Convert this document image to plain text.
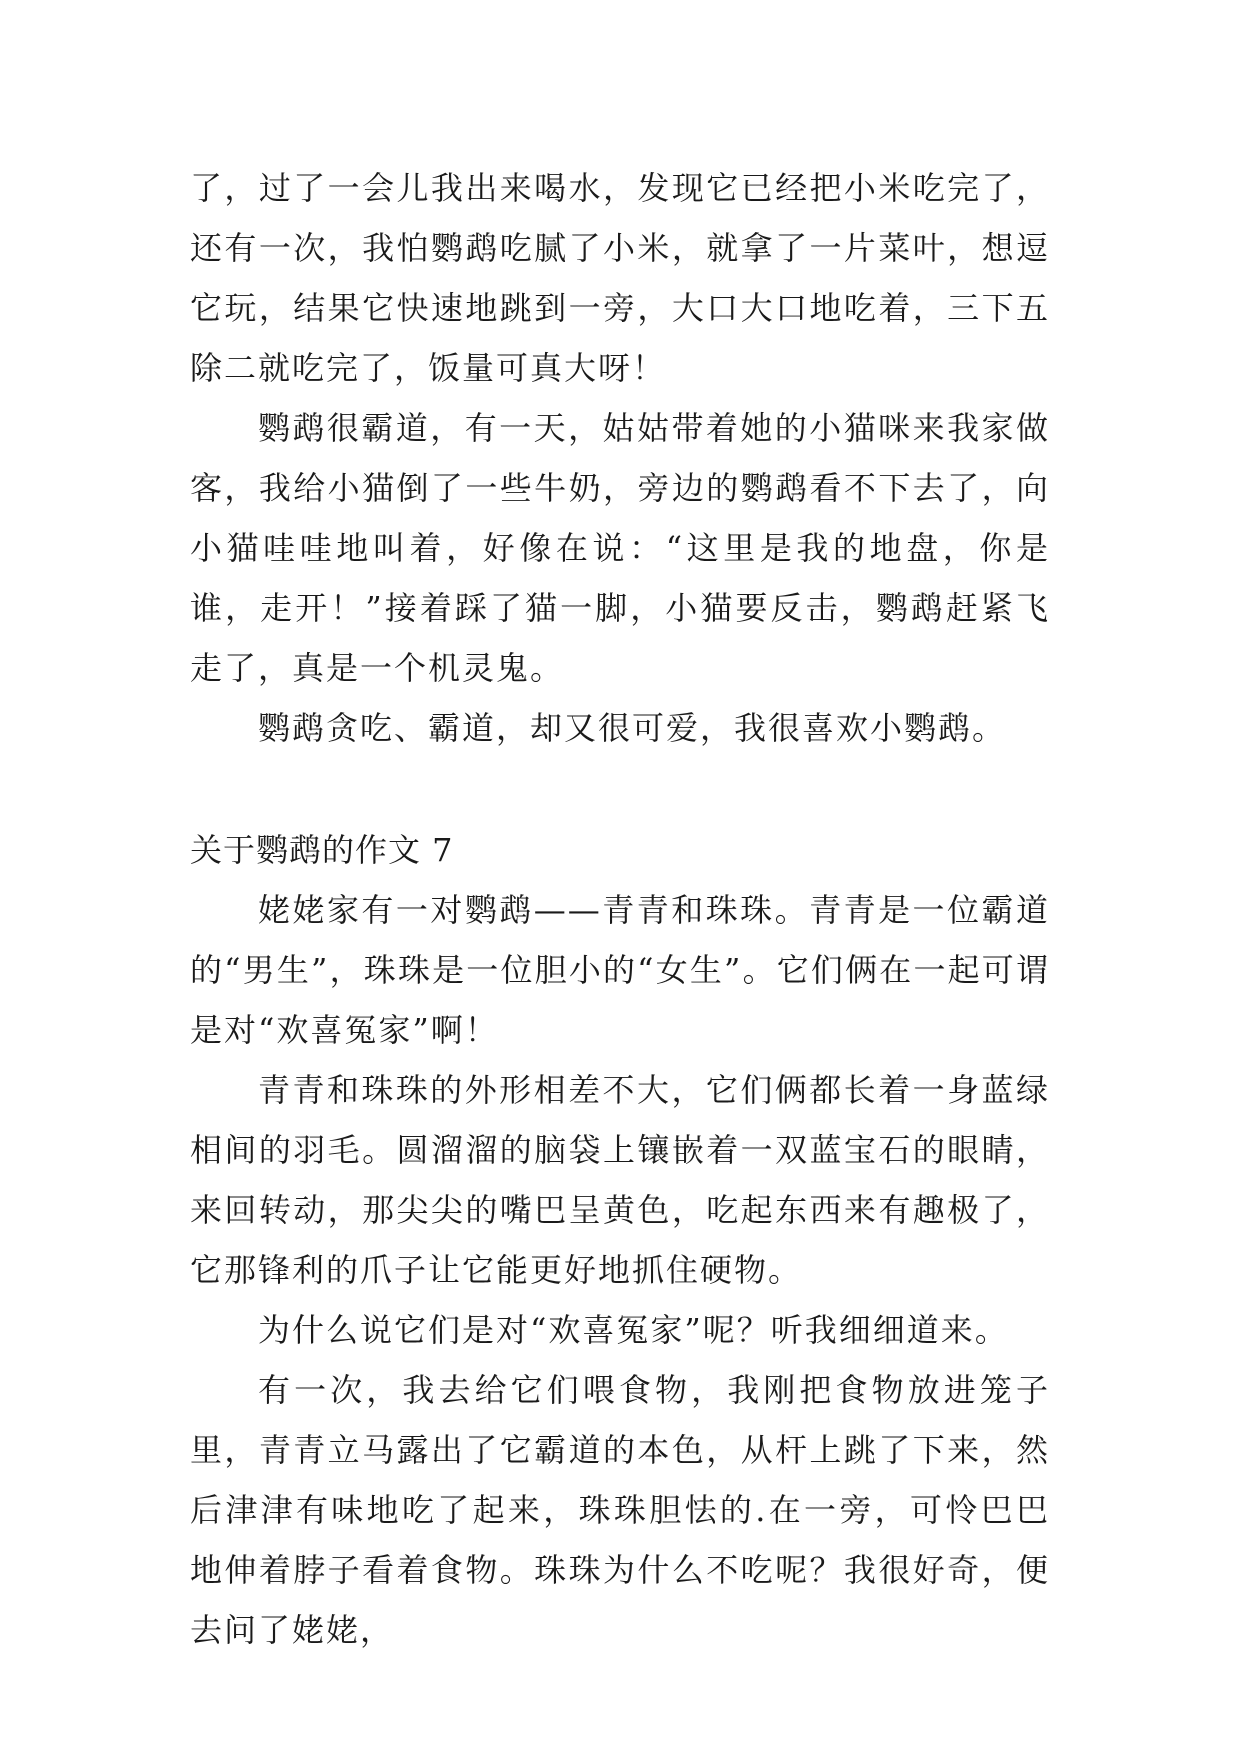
了，过了一会儿我出来喝水，发现它已经把小米吃完了，还有一次，我怕鹦鹉吃腻了小米，就拿了一片菜叶，想逗它玩，结果它快速地跳到一旁，大口大口地吃着，三下五除二就吃完了，饭量可真大呀！

鹦鹉很霸道，有一天，姑姑带着她的小猫咪来我家做客，我给小猫倒了一些牛奶，旁边的鹦鹉看不下去了，向小猫哇哇地叫着，好像在说：“这里是我的地盘，你是谁，走开！”接着踩了猫一脚，小猫要反击，鹦鹉赶紧飞走了，真是一个机灵鬼。

鹦鹉贪吃、霸道，却又很可爱，我很喜欢小鹦鹉。

关于鹦鹉的作文 7

姥姥家有一对鹦鹉——青青和珠珠。青青是一位霸道的“男生”，珠珠是一位胆小的“女生”。它们俩在一起可谓是对“欢喜冤家”啊！

青青和珠珠的外形相差不大，它们俩都长着一身蓝绿相间的羽毛。圆溜溜的脑袋上镶嵌着一双蓝宝石的眼睛，来回转动，那尖尖的嘴巴呈黄色，吃起东西来有趣极了，它那锋利的爪子让它能更好地抓住硬物。

为什么说它们是对“欢喜冤家”呢？听我细细道来。

有一次，我去给它们喂食物，我刚把食物放进笼子里，青青立马露出了它霸道的本色，从杆上跳了下来，然后津津有味地吃了起来，珠珠胆怯的.在一旁，可怜巴巴地伸着脖子看着食物。珠珠为什么不吃呢？我很好奇，便去问了姥姥，
